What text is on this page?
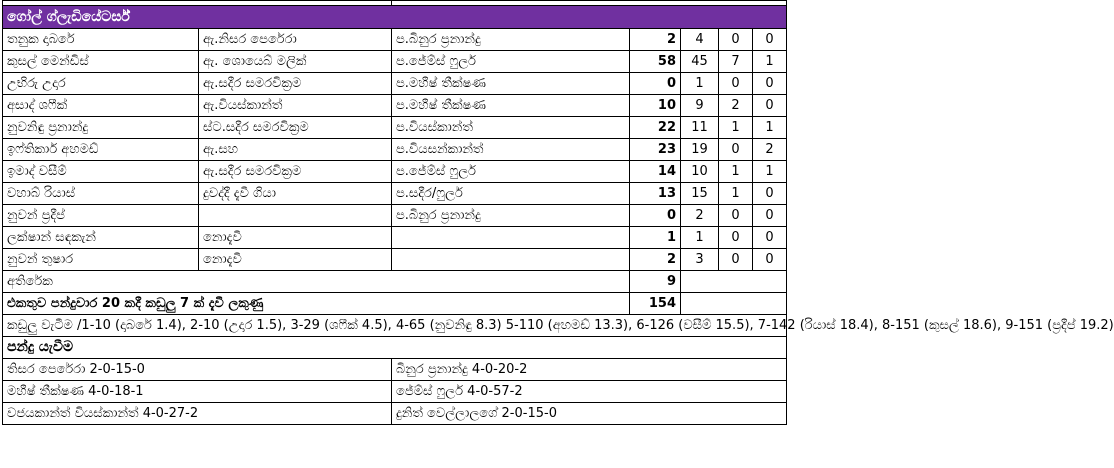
ගෝල් ග්ලැඩියේටර්ස්						
තනුක දාබරේ	ඇ.නිසර පෙරේරා	ප.බිනුර ප්‍රනාන්දු	2	4	0	0
කුසල් මෙන්ඩිස්	ඇ. ශොයෙබ් මලික්	ප.ජේම්ස් ෆුලර්	58	45	7	1
උභිරු උදාර	ඇ.සදීර සමරවික්‍රම	ප.මහීෂ් තීක්ෂණ	0	1	0	0
අසාද් ශෆීක්	ඇ.වියස්කාන්ත්	ප.මහීෂ් තීක්ෂණ	10	9	2	0
නුවනිඳු ප්‍රනාන්දු	ස්ට.සදීර සමරවික්‍රම	ප.වියස්කාන්ත්	22	11	1	1
ඉෆ්තිකාර් අහමඩ්	ඇ.සහ	ප.වියසන්කාන්ත්	23	19	0	2
ඉමාද් වසීම්	ඇ.සදීර සමරවික්‍රම	ප.ජේම්ස් ෆුලර්	14	10	1	1
වහාබ් රියාස්	දුවද්දී දැවී ගියා	ප.සදීර/ෆුලර්	13	15	1	0
නුවන් ප්‍රදීප්		ප.බිනුර ප්‍රනාන්දු	0	2	0	0
ලක්ෂාන් සඳකැන්	නොදැවී		1	1	0	0
නුවන් තුෂාර	නොදැවී		2	3	0	0
අතිරේක			9			
එකතුව පන්දුවාර 20 කදී කඩුලු 7 ක් දැවී ලකුණු			154			
කඩුලු වැටීම /1-10 (දාබරේ 1.4), 2-10 (උදාර 1.5), 3-29 (ශෆීක් 4.5), 4-65 (නුවනිඳු 8.3) 5-110 (අහමඩ් 13.3), 6-126 (වසීම් 15.5), 7-142 (රියාස් 18.4), 8-151 (කුසල් 18.6), 9-151 (ප්‍රදීප් 19.2)						
පන්දු යැවීම						
තිසර පෙරේරා 2-0-15-0		බිනුර ප්‍රනාන්දු 4-0-20-2				
මහීෂ් තීක්ෂණ 4-0-18-1		ජේම්ස් ෆුලර් 4-0-57-2				
වජයකාන්ත් වියස්කාන්ත් 4-0-27-2		දුනිත් වෙල්ලාලගේ 2-0-15-0				
